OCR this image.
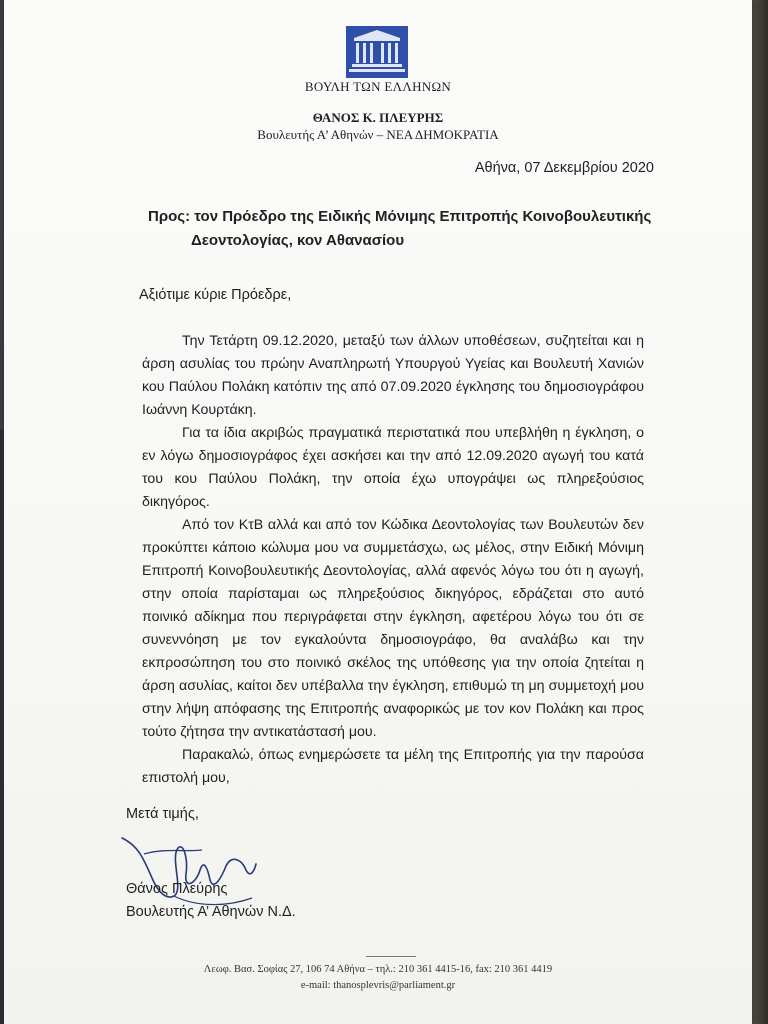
ΒΟΥΛΗ ΤΩΝ ΕΛΛΗΝΩΝ
ΘΑΝΟΣ Κ. ΠΛΕΥΡΗΣ
Βουλευτής Α’ Αθηνών – ΝΕΑ ΔΗΜΟΚΡΑΤΙΑ
Αθήνα, 07 Δεκεμβρίου 2020
Προς: τον Πρόεδρο της Ειδικής Μόνιμης Επιτροπής Κοινοβουλευτικής
Δεοντολογίας, κον Αθανασίου
Αξιότιμε κύριε Πρόεδρε,

Την Τετάρτη 09.12.2020, μεταξύ των άλλων υποθέσεων, συζητείται και η άρση ασυλίας του πρώην Αναπληρωτή Υπουργού Υγείας και Βουλευτή Χανιών κου Παύλου Πολάκη κατόπιν της από 07.09.2020 έγκλησης του δημοσιογράφου Ιωάννη Κουρτάκη.

Για τα ίδια ακριβώς πραγματικά περιστατικά που υπεβλήθη η έγκληση, ο εν λόγω δημοσιογράφος έχει ασκήσει και την από 12.09.2020 αγωγή του κατά του κου Παύλου Πολάκη, την οποία έχω υπογράψει ως πληρεξούσιος δικηγόρος.

Από τον ΚτΒ αλλά και από τον Κώδικα Δεοντολογίας των Βουλευτών δεν προκύπτει κάποιο κώλυμα μου να συμμετάσχω, ως μέλος, στην Ειδική Μόνιμη Επιτροπή Κοινοβουλευτικής Δεοντολογίας, αλλά αφενός λόγω του ότι η αγωγή, στην οποία παρίσταμαι ως πληρεξούσιος δικηγόρος, εδράζεται στο αυτό ποινικό αδίκημα που περιγράφεται στην έγκληση, αφετέρου λόγω του ότι σε συνεννόηση με τον εγκαλούντα δημοσιογράφο, θα αναλάβω και την εκπροσώπηση του στο ποινικό σκέλος της υπόθεσης για την οποία ζητείται η άρση ασυλίας, καίτοι δεν υπέβαλλα την έγκληση, επιθυμώ τη μη συμμετοχή μου στην λήψη απόφασης της Επιτροπής αναφορικώς με τον κον Πολάκη και προς τούτο ζήτησα την αντικατάστασή μου.

Παρακαλώ, όπως ενημερώσετε τα μέλη της Επιτροπής για την παρούσα επιστολή μου,

Μετά τιμής,
Θάνος Πλεύρης
Βουλευτής Α’ Αθηνών Ν.Δ.
Λεωφ. Βασ. Σοφίας 27, 106 74 Αθήνα – τηλ.: 210 361 4415-16, fax: 210 361 4419
e-mail: thanosplevris@parliament.gr
